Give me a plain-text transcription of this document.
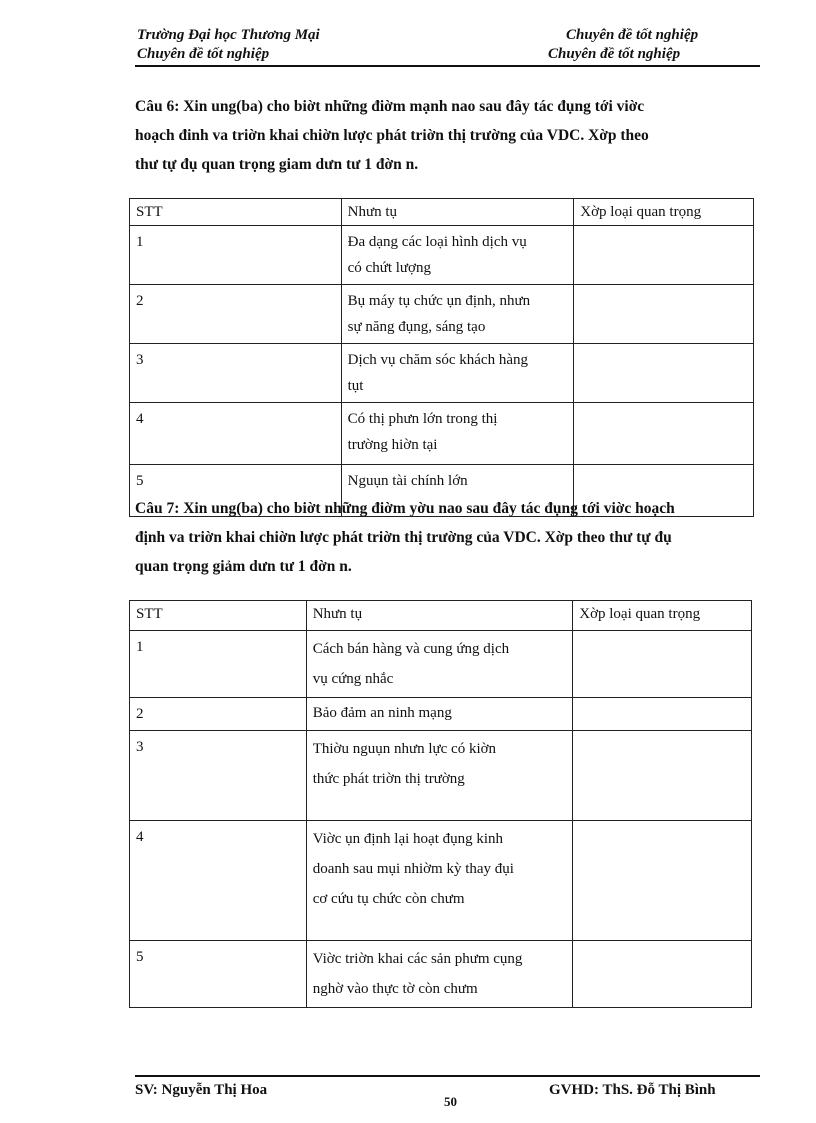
Trường Đại học Thương Mại
Chuyên đề tốt nghiệp
Chuyên đề tốt nghiệp
Chuyên đề tốt nghiệp
Câu 6: Xin ung(ba) cho biờt những điờm mạnh nao sau đây tác đụng tới viờc
hoạch đinh va triờn khai chiờn lược phát triờn thị trường của VDC. Xờp theo
thư tự đụ quan trọng giam dưn tư 1 đờn n.
STT	Nhưn tụ	Xờp loại quan trọng
1	Đa dạng các loại hình dịch vụ
có chứt lượng	

2	Bụ máy tụ chức ụn định, nhưn
sự năng đụng, sáng tạo	

3	Dịch vụ chăm sóc khách hàng
tụt	

4	Có thị phưn lớn trong thị
trường hiờn tại	

5	Nguụn tài chính lớn	

Câu 7: Xin ung(ba) cho biờt những điờm yờu nao sau đây tác đụng tới viờc hoạch
định va triờn khai chiờn lược phát triờn thị trường của VDC. Xờp theo thư tự đụ
quan trọng giảm dưn tư 1 đờn n.
STT	Nhưn tụ	Xờp loại quan trọng
1	Cách bán hàng và cung ứng dịch
vụ cứng nhắc	

2	Bảo đảm an ninh mạng	

3	Thiờu nguụn nhưn lực có kiờn
thức phát triờn thị trường	

4	Viờc ụn định lại hoạt đụng kinh
doanh sau mụi nhiờm kỳ thay đụi
cơ cứu tụ chức còn chưm	

5	Viờc triờn khai các sản phưm cụng
nghờ vào thực tờ còn chưm	

SV: Nguyễn Thị Hoa
50
GVHD: ThS. Đỗ Thị Bình
